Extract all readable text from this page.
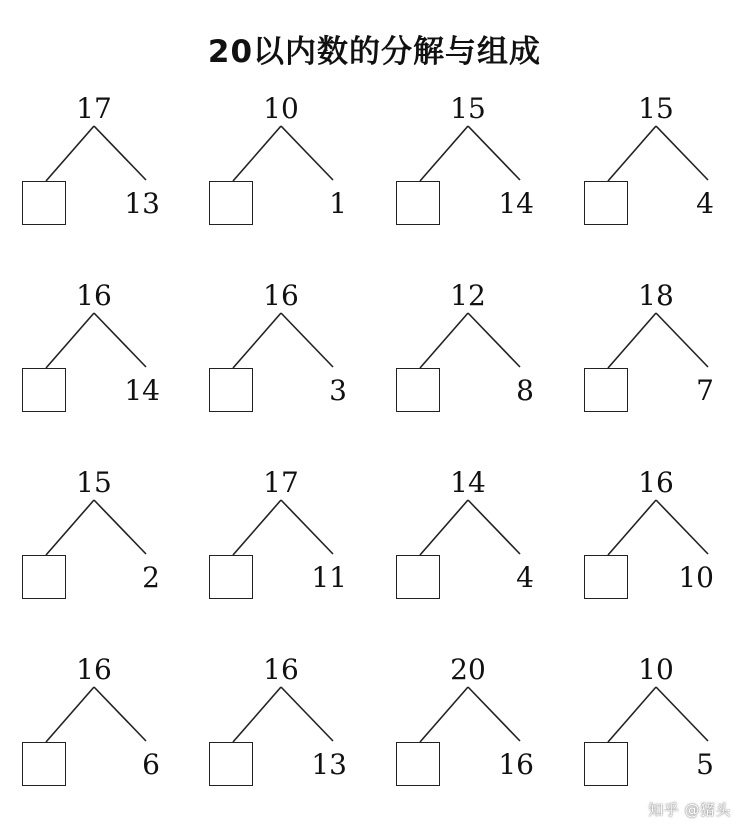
20以内数的分解与组成
17
13
10
1
15
14
15
4
16
14
16
3
12
8
18
7
15
2
17
11
14
4
16
10
16
6
16
13
20
16
10
5
知乎 @猪头
